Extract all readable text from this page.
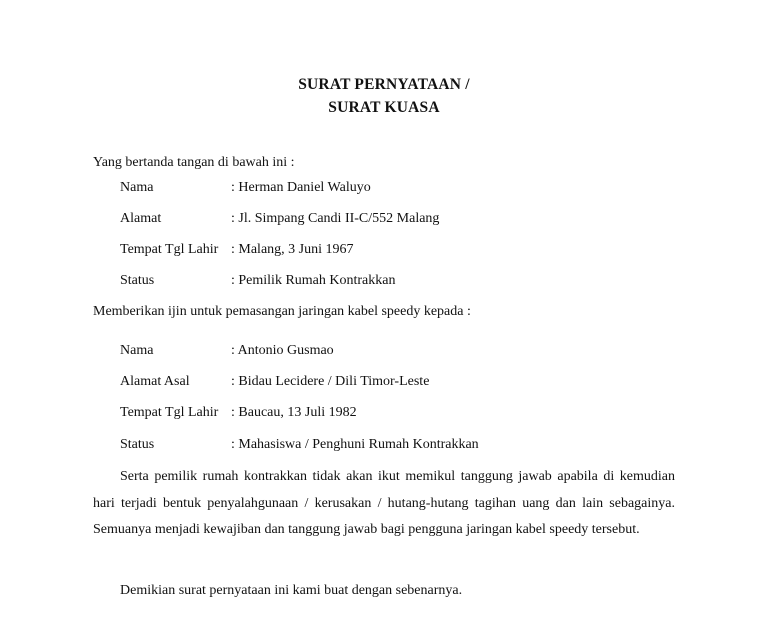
SURAT PERNYATAAN /
SURAT KUASA
Yang bertanda tangan di bawah ini :
Nama	: Herman Daniel Waluyo
Alamat	: Jl. Simpang Candi II-C/552 Malang
Tempat Tgl Lahir : Malang, 3 Juni 1967
Status	: Pemilik Rumah Kontrakkan
Memberikan ijin untuk pemasangan jaringan kabel speedy kepada :
Nama	: Antonio Gusmao
Alamat Asal	: Bidau Lecidere / Dili Timor-Leste
Tempat Tgl Lahir : Baucau, 13 Juli 1982
Status	: Mahasiswa / Penghuni Rumah Kontrakkan
Serta pemilik rumah kontrakkan tidak akan ikut memikul tanggung jawab apabila di kemudian hari terjadi bentuk penyalahgunaan / kerusakan / hutang-hutang tagihan uang dan lain sebagainya. Semuanya menjadi kewajiban dan tanggung jawab bagi pengguna jaringan kabel speedy tersebut.
Demikian surat pernyataan ini kami buat dengan sebenarnya.
